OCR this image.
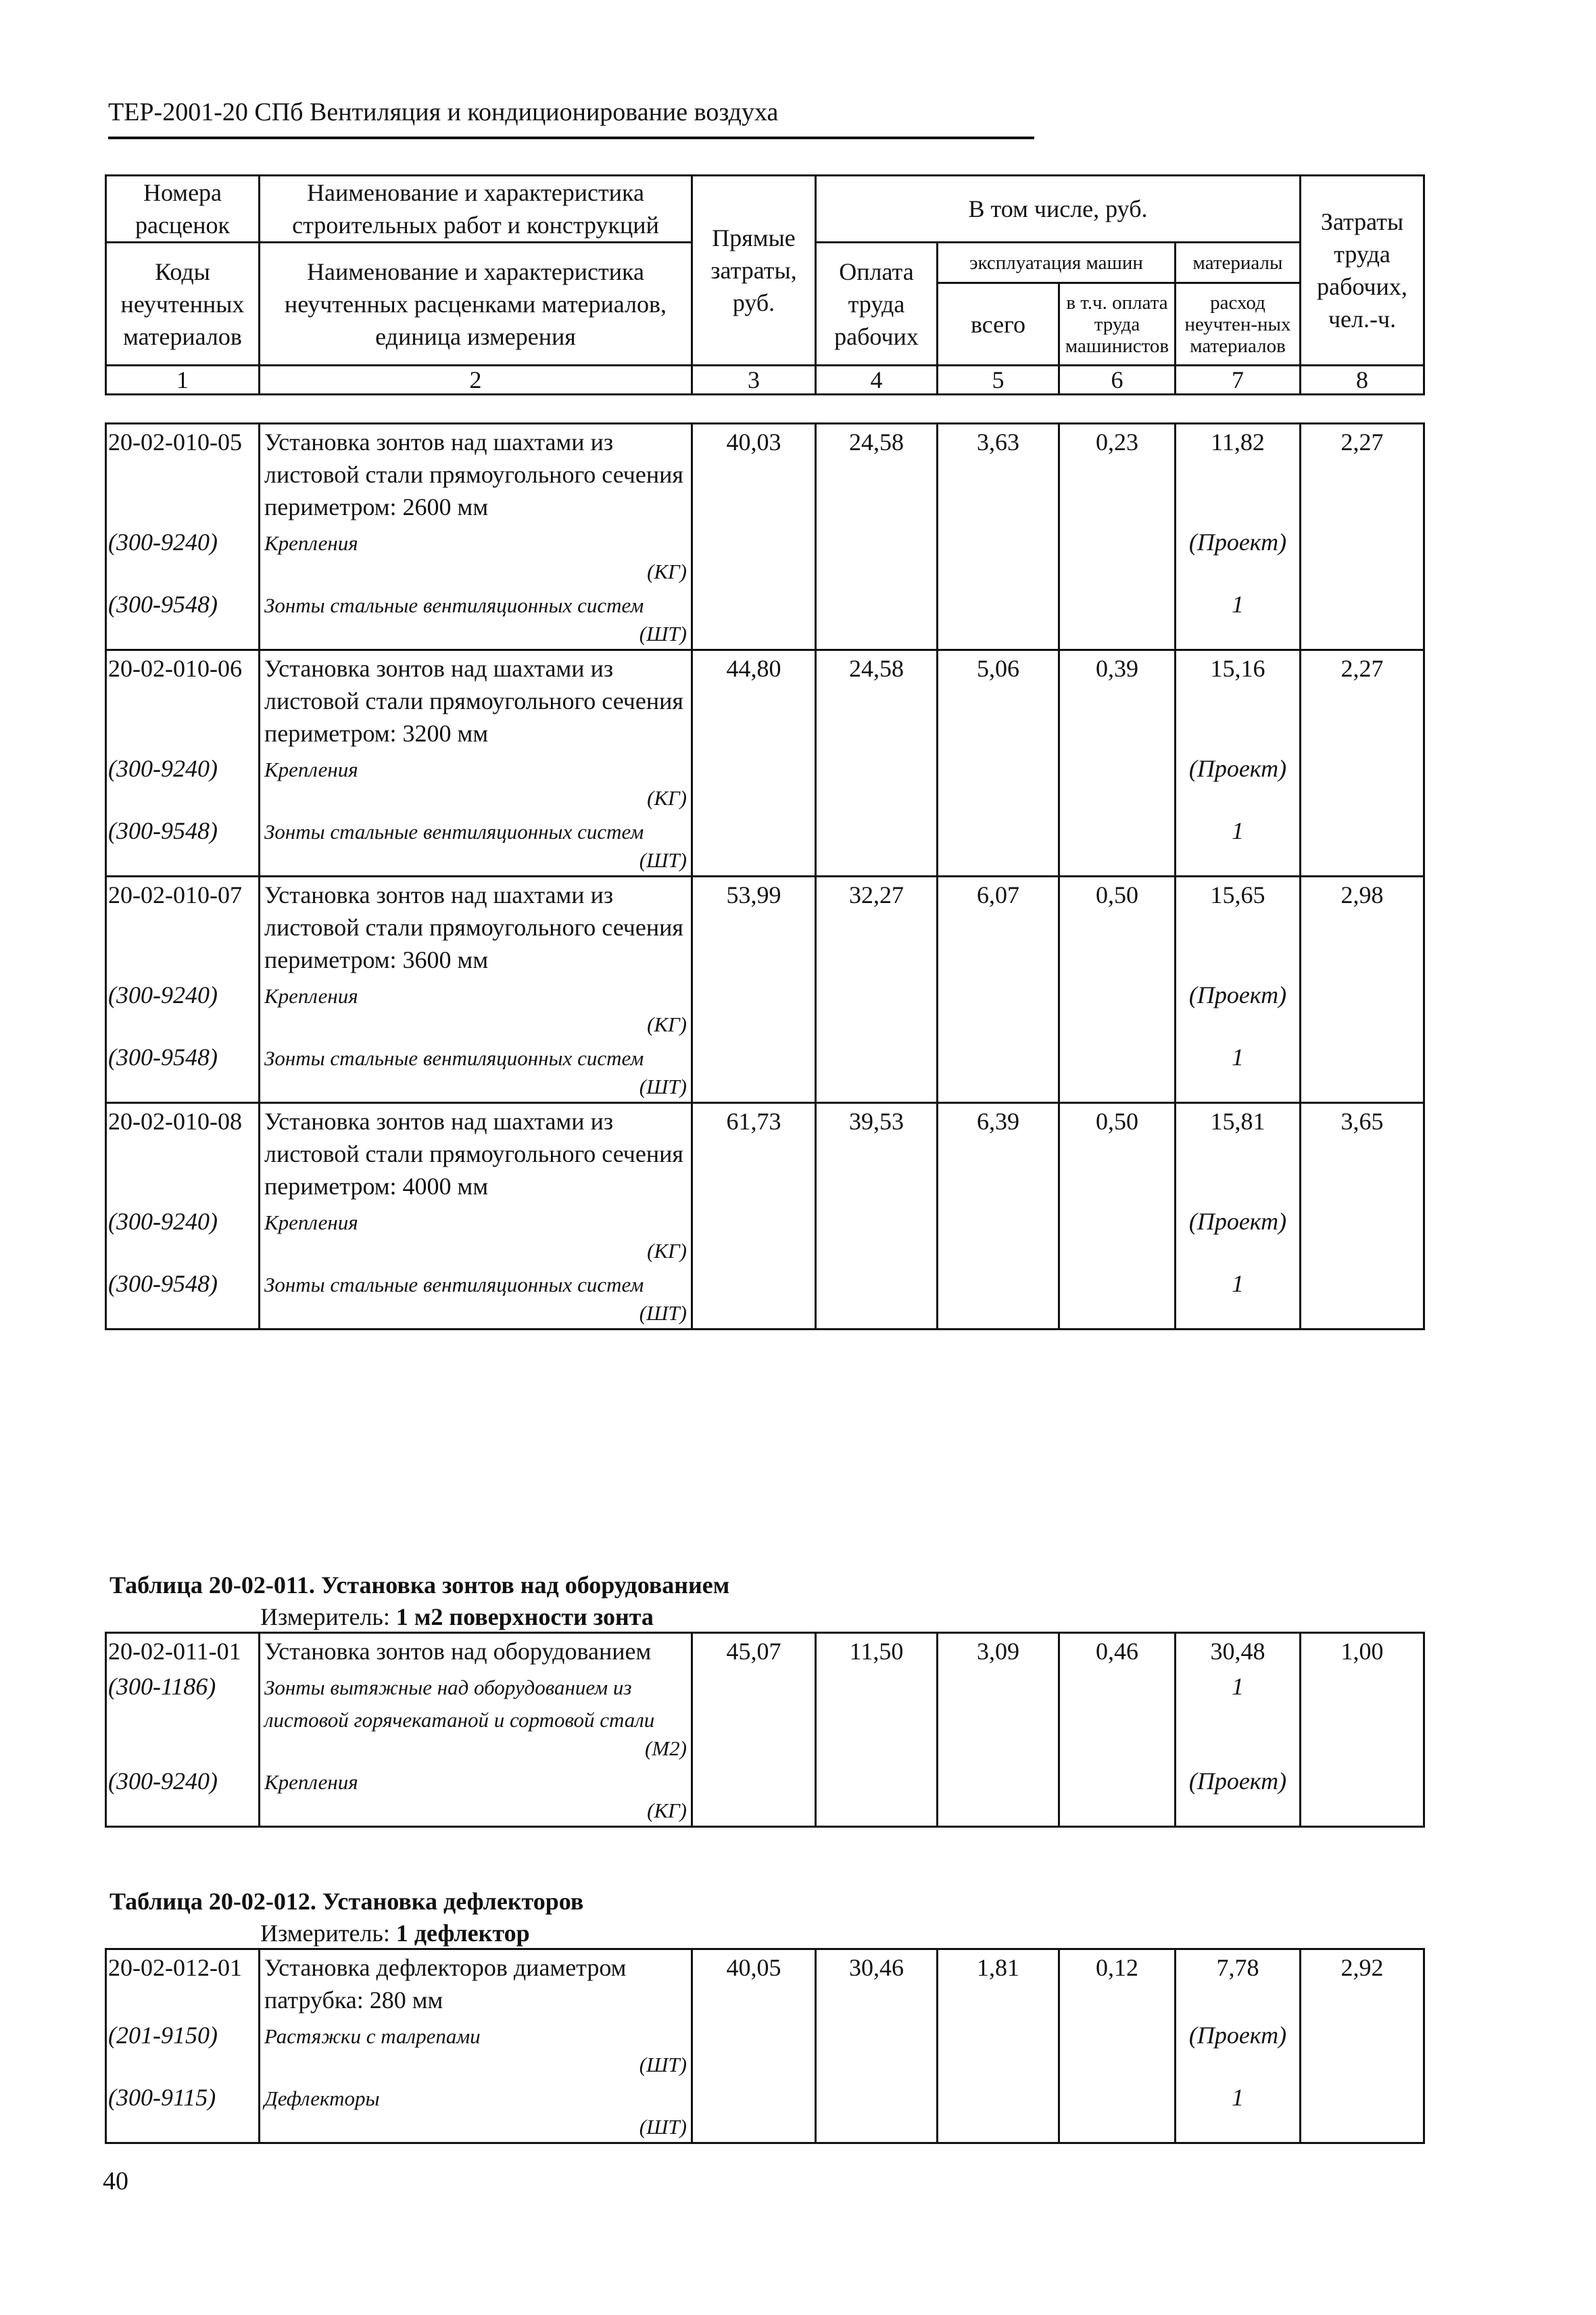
ТЕР-2001-20 СПб Вентиляция и кондиционирование воздуха
Номера расценок	Наименование и характеристика строительных работ и конструкций	Прямые затраты, руб.	В том числе, руб.				Затраты труда рабочих, чел.-ч.
Коды неучтенных материалов	Наименование и характеристика неучтенных расценками материалов, единица измерения		Оплата труда рабочих	эксплуатация машин		материалы	
				всего	в т.ч. оплата труда машинистов	расход неучтен-ных материалов	

1	2	3	4	5	6	7	8
20-02-010-05	Установка зонтов над шахтами из листовой стали прямоугольного сечения периметром: 2600 мм	40,03	24,58	3,63	0,23	11,82	2,27
(300-9240)	Крепления
(КГ)					(Проект)	
(300-9548)	Зонты стальные вентиляционных систем
(ШТ)					1	
20-02-010-06	Установка зонтов над шахтами из листовой стали прямоугольного сечения периметром: 3200 мм	44,80	24,58	5,06	0,39	15,16	2,27
(300-9240)	Крепления
(КГ)					(Проект)	
(300-9548)	Зонты стальные вентиляционных систем
(ШТ)					1	
20-02-010-07	Установка зонтов над шахтами из листовой стали прямоугольного сечения периметром: 3600 мм	53,99	32,27	6,07	0,50	15,65	2,98
(300-9240)	Крепления
(КГ)					(Проект)	
(300-9548)	Зонты стальные вентиляционных систем
(ШТ)					1	
20-02-010-08	Установка зонтов над шахтами из листовой стали прямоугольного сечения периметром: 4000 мм	61,73	39,53	6,39	0,50	15,81	3,65
(300-9240)	Крепления
(КГ)					(Проект)	
(300-9548)	Зонты стальные вентиляционных систем
(ШТ)					1	
Таблица 20-02-011. Установка зонтов над оборудованием
Измеритель: 1 м2 поверхности зонта
20-02-011-01	Установка зонтов над оборудованием	45,07	11,50	3,09	0,46	30,48	1,00
(300-1186)	Зонты вытяжные над оборудованием из листовой горячекатаной и сортовой стали
(М2)					1	
(300-9240)	Крепления
(КГ)					(Проект)	
Таблица 20-02-012. Установка дефлекторов
Измеритель: 1 дефлектор
20-02-012-01	Установка дефлекторов диаметром патрубка: 280 мм	40,05	30,46	1,81	0,12	7,78	2,92
(201-9150)	Растяжки с талрепами
(ШТ)					(Проект)	
(300-9115)	Дефлекторы
(ШТ)					1	
40
